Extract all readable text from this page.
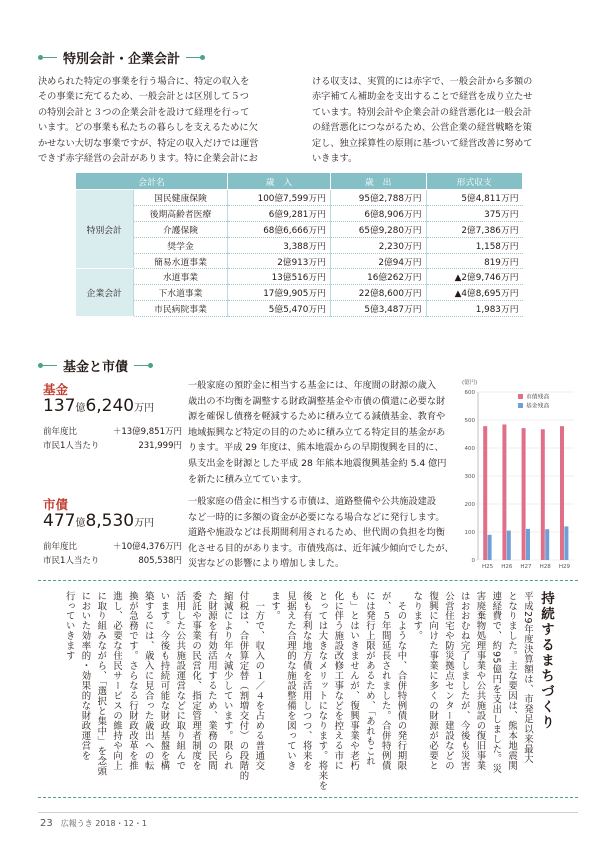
特別会計・企業会計
決められた特定の事業を行う場合に、特定の収入を
その事業に充てるため、一般会計とは区別して５つ
の特別会計と３つの企業会計を設けて経理を行って
います。どの事業も私たちの暮らしを支えるために欠
かせない大切な事業ですが、特定の収入だけでは運営
できず赤字経営の会計があります。特に企業会計にお
ける収支は、実質的には赤字で、一般会計から多額の
赤字補てん補助金を支出することで経営を成り立たせ
ています。特別会計や企業会計の経営悪化は一般会計
の経営悪化につながるため、公営企業の経営戦略を策
定し、独立採算性の原則に基づいて経営改善に努めて
いきます。
会計名		歳　入	歳　出	形式収支
特別会計	国民健康保険	100億7,599万円	95億2,788万円	5億4,811万円
	後期高齢者医療	6億9,281万円	6億8,906万円	375万円
	介護保険	68億6,666万円	65億9,280万円	2億7,386万円
	奨学金	3,388万円	2,230万円	1,158万円
	簡易水道事業	2億913万円	2億94万円	819万円
企業会計	水道事業	13億516万円	16億262万円	▲2億9,746万円
	下水道事業	17億9,905万円	22億8,600万円	▲4億8,695万円
	市民病院事業	5億5,470万円	5億3,487万円	1,983万円
基金と市債
基金
137億6,240万円
前年度比	＋13億9,851万円
市民1人当たり	231,999円
一般家庭の預貯金に相当する基金には、年度間の財源の歳入
歳出の不均衡を調整する財政調整基金や市債の償還に必要な財
源を確保し債務を軽減するために積み立てる減債基金、教育や
地域振興など特定の目的のために積み立てる特定目的基金があ
ります。平成 29 年度は、熊本地震からの早期復興を目的に、
県支出金を財源とした平成 28 年熊本地震復興基金約 5.4 億円
を新たに積み立てています。
市債
477億8,530万円
前年度比	＋10億4,376万円
市民1人当たり	805,538円
一般家庭の借金に相当する市債は、道路整備や公共施設建設
など一時的に多額の資金が必要になる場合などに発行します。
道路や施設などは長期間利用されるため、世代間の負担を均衡
化させる目的があります。市債残高は、近年減少傾向でしたが、
災害などの影響により増加しました。
(億円)
600
500
400
300
200
100
0
H25 H26 H27 H28 H29
市債残高
基金残高
持続するまちづくり
平成29年度決算額は、市発足以来最大
となりました。主な要因は、熊本地震関
連経費で、約95億円を支出しました。災
害廃棄物処理事業や公共施設の復旧事業
はおおむね完了しましたが、今後も災害
公営住宅や防災拠点センター建設などの
復興に向けた事業に多くの財源が必要と
なります。
　そのような中、合併特例債の発行期限
が、５年間延長されました。合併特例債
には発行上限があるため、「あれもこれ
も」とはいきませんが、復興事業や老朽
化に伴う施設改修工事などを控える市に
とっては大きなメリットになります。将来を
後も有利な地方債を活用しつつ、将来を
見据えた合理的な施設整備を図っていき
ます。
　一方で、収入の１／４を占める普通交
付税は、合併算定替（割増交付）の段階的
縮減により年々減少しています。限られ
た財源を有効活用するため、業務の民間
委託や事業の民営化、指定管理者制度を
活用した公共施設運営などに取り組んで
います。今後も持続可能な財政基盤を構
築するには、歳入に見合った歳出への転
換が急務です。さらなる行財政改革を推
進し、必要な住民サービスの維持や向上
に取り組みながら、「選択と集中」を念頭
においた効率的・効果的な財政運営を
行っていきます
23 広報うき 2018・12・1
